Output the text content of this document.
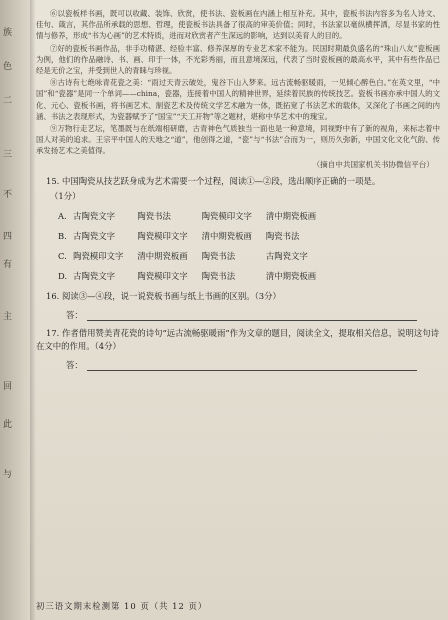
族
色
二
三
不
四
有
主
回
此
与

⑥以瓷板样书画，既可以收藏、装饰、欣赏，使书法、瓷板画在内涵上相互补充。其中，瓷板书法内容多为名人诗文、佳句、箴言，其作品所承载的思想、哲理，使瓷板书法具备了很高的审美价值；同时，书法家以毫纵横挥洒，尽显书家的性情与修养，形成“书为心画”的艺术特质，进而对欣赏者产生深远的影响，达到以美育人的目的。

⑦好的瓷板书画作品，非手功精湛、经验丰富、修养深厚的专业艺术家不能为。民国时期最负盛名的“珠山八友”瓷板画为例，他们的作品融诗、书、画、印于一体，不光彩秀丽，而且意境深远，代表了当时瓷板画的最高水平，其中有些作品已经是无价之宝，并受到世人的青睐与珍视。

⑧古诗有七绝咏青花瓷之美：“雨过天青云破处，鬼谷下山入梦来。远古流畅驱暖雨，一见倾心醉色白。”在英文里，“中国”和“瓷器”是同一个单词——china，瓷器，连接着中国人的精神世界，延续着民族的传统技艺。瓷板书画亦承中国人的文化、元心、瓷板书画，将书画艺术、制瓷艺术及传统文学艺术融为一体，既拓宽了书法艺术的载体，又深化了书画之间的内涵、书法之表现形式，为瓷器赋予了“国宝”“天工开物”等之题材，堪称中华艺术中的瑰宝。

⑨万物行走艺坛，笔墨既与在纸端相研磨，古青神色气质独当一面也是一种意境，同视野中有了新的视角，来标志着中国人对美的追求。王宗平中国人的天地之“道”，他创得之道，“瓷”与“书法”合而为一，则历久弥新，中国文化文化气韵、传承发扬艺术之美值得。

（摘自中共国家机关书协微信平台）
15. 中国陶瓷从技艺跃身成为艺术需要一个过程，阅读①—②段，选出顺序正确的一项是。
（1分）
A.	古陶瓷文字	陶瓷书法	陶瓷模印文字	清中期瓷板画
B.	古陶瓷文字	陶瓷模印文字	清中期瓷板画	陶瓷书法
C.	陶瓷模印文字	清中期瓷板画	陶瓷书法	古陶瓷文字
D.	古陶瓷文字	陶瓷模印文字	陶瓷书法	清中期瓷板画
16. 阅读③—④段，说一说瓷板书画与纸上书画的区别。（3分）
答：
17. 作者借用赞美青花瓷的诗句“远古流畅驱暖雨”作为文章的题目，阅读全文，提取相关信息，说明这句诗在文中的作用。（4分）
答：
初三语文期末检测第 10 页（共 12 页）
